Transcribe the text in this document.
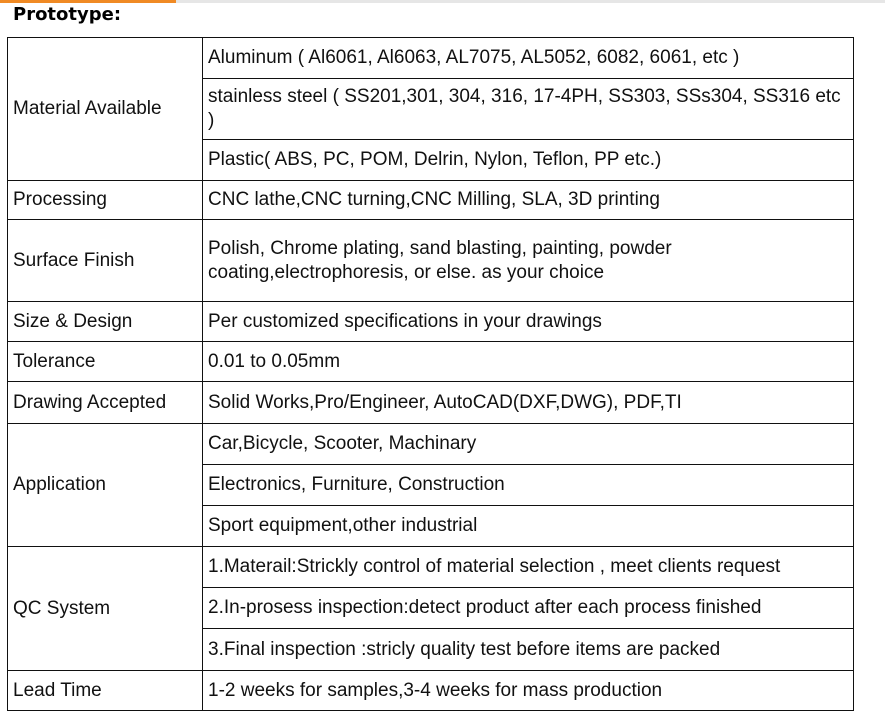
Prototype:
Material Available	Aluminum ( Al6061, Al6063, AL7075, AL5052, 6082, 6061, etc )
	stainless steel ( SS201,301, 304, 316, 17-4PH, SS303, SSs304, SS316 etc )
	Plastic( ABS, PC, POM, Delrin, Nylon, Teflon, PP etc.)
Processing	CNC lathe,CNC turning,CNC Milling, SLA, 3D printing
Surface Finish	Polish, Chrome plating, sand blasting, painting, powder coating,electrophoresis, or else. as your choice
Size & Design	Per customized specifications in your drawings
Tolerance	0.01 to 0.05mm
Drawing Accepted	Solid Works,Pro/Engineer, AutoCAD(DXF,DWG), PDF,TI
Application	Car,Bicycle, Scooter, Machinary
	Electronics, Furniture, Construction
	Sport equipment,other industrial
QC System	1.Materail:Strickly control of material selection , meet clients request
	2.In-prosess inspection:detect product after each process finished
	3.Final inspection :stricly quality test before items are packed
Lead Time	1-2 weeks for samples,3-4 weeks for mass production
